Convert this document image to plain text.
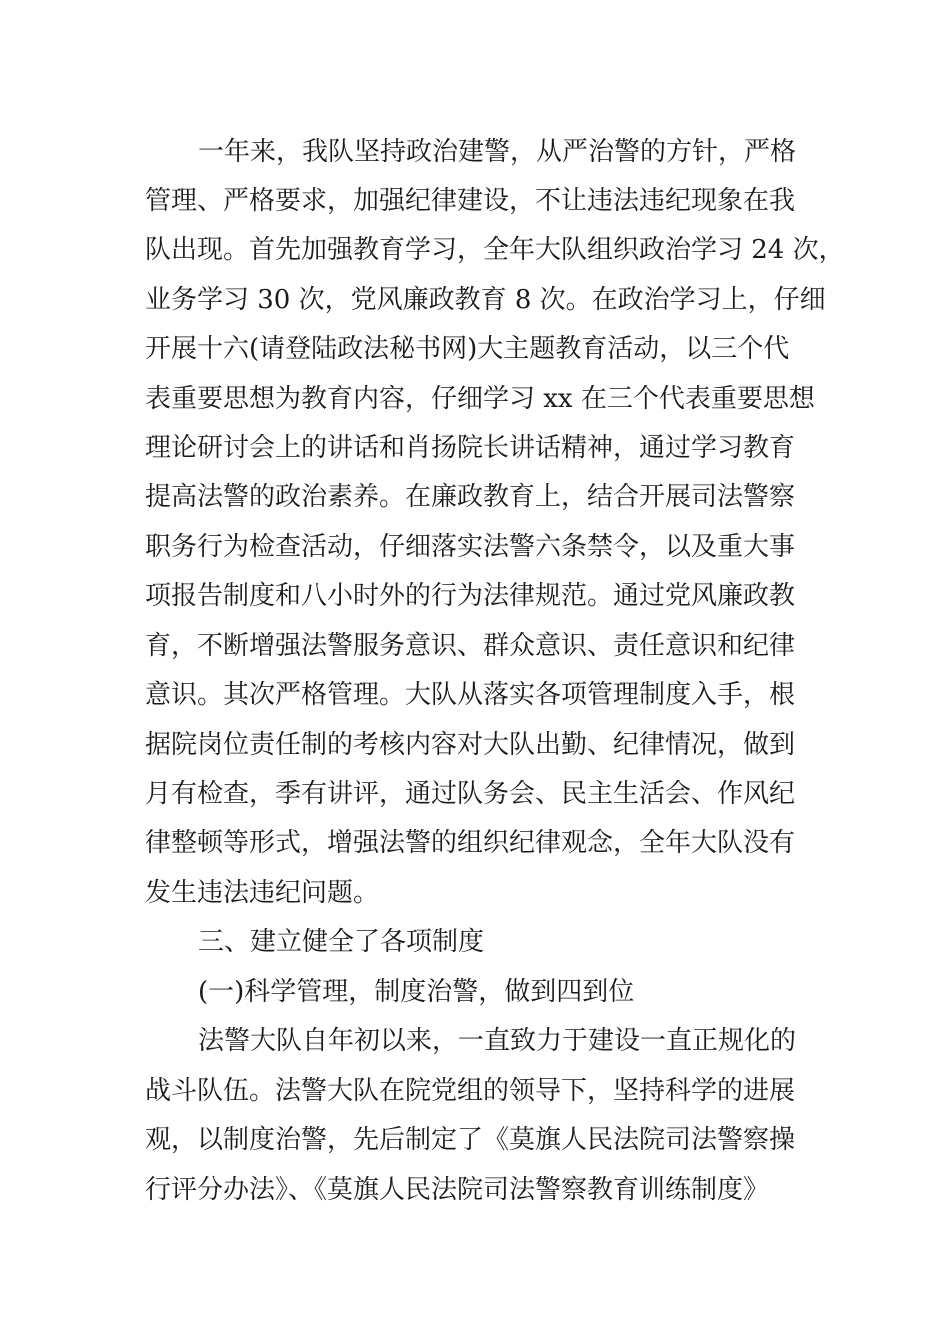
一年来，我队坚持政治建警，从严治警的方针，严格
管理、严格要求，加强纪律建设，不让违法违纪现象在我
队出现。首先加强教育学习，全年大队组织政治学习 24 次，
业务学习 30 次，党风廉政教育 8 次。在政治学习上，仔细
开展十六(请登陆政法秘书网)大主题教育活动，以三个代
表重要思想为教育内容，仔细学习 xx 在三个代表重要思想
理论研讨会上的讲话和肖扬院长讲话精神，通过学习教育
提高法警的政治素养。在廉政教育上，结合开展司法警察
职务行为检查活动，仔细落实法警六条禁令，以及重大事
项报告制度和八小时外的行为法律规范。通过党风廉政教
育，不断增强法警服务意识、群众意识、责任意识和纪律
意识。其次严格管理。大队从落实各项管理制度入手，根
据院岗位责任制的考核内容对大队出勤、纪律情况，做到
月有检查，季有讲评，通过队务会、民主生活会、作风纪
律整顿等形式，增强法警的组织纪律观念，全年大队没有
发生违法违纪问题。
三、建立健全了各项制度
(一)科学管理，制度治警，做到四到位
法警大队自年初以来，一直致力于建设一直正规化的
战斗队伍。法警大队在院党组的领导下，坚持科学的进展
观，以制度治警，先后制定了《莫旗人民法院司法警察操
行评分办法》、《莫旗人民法院司法警察教育训练制度》
